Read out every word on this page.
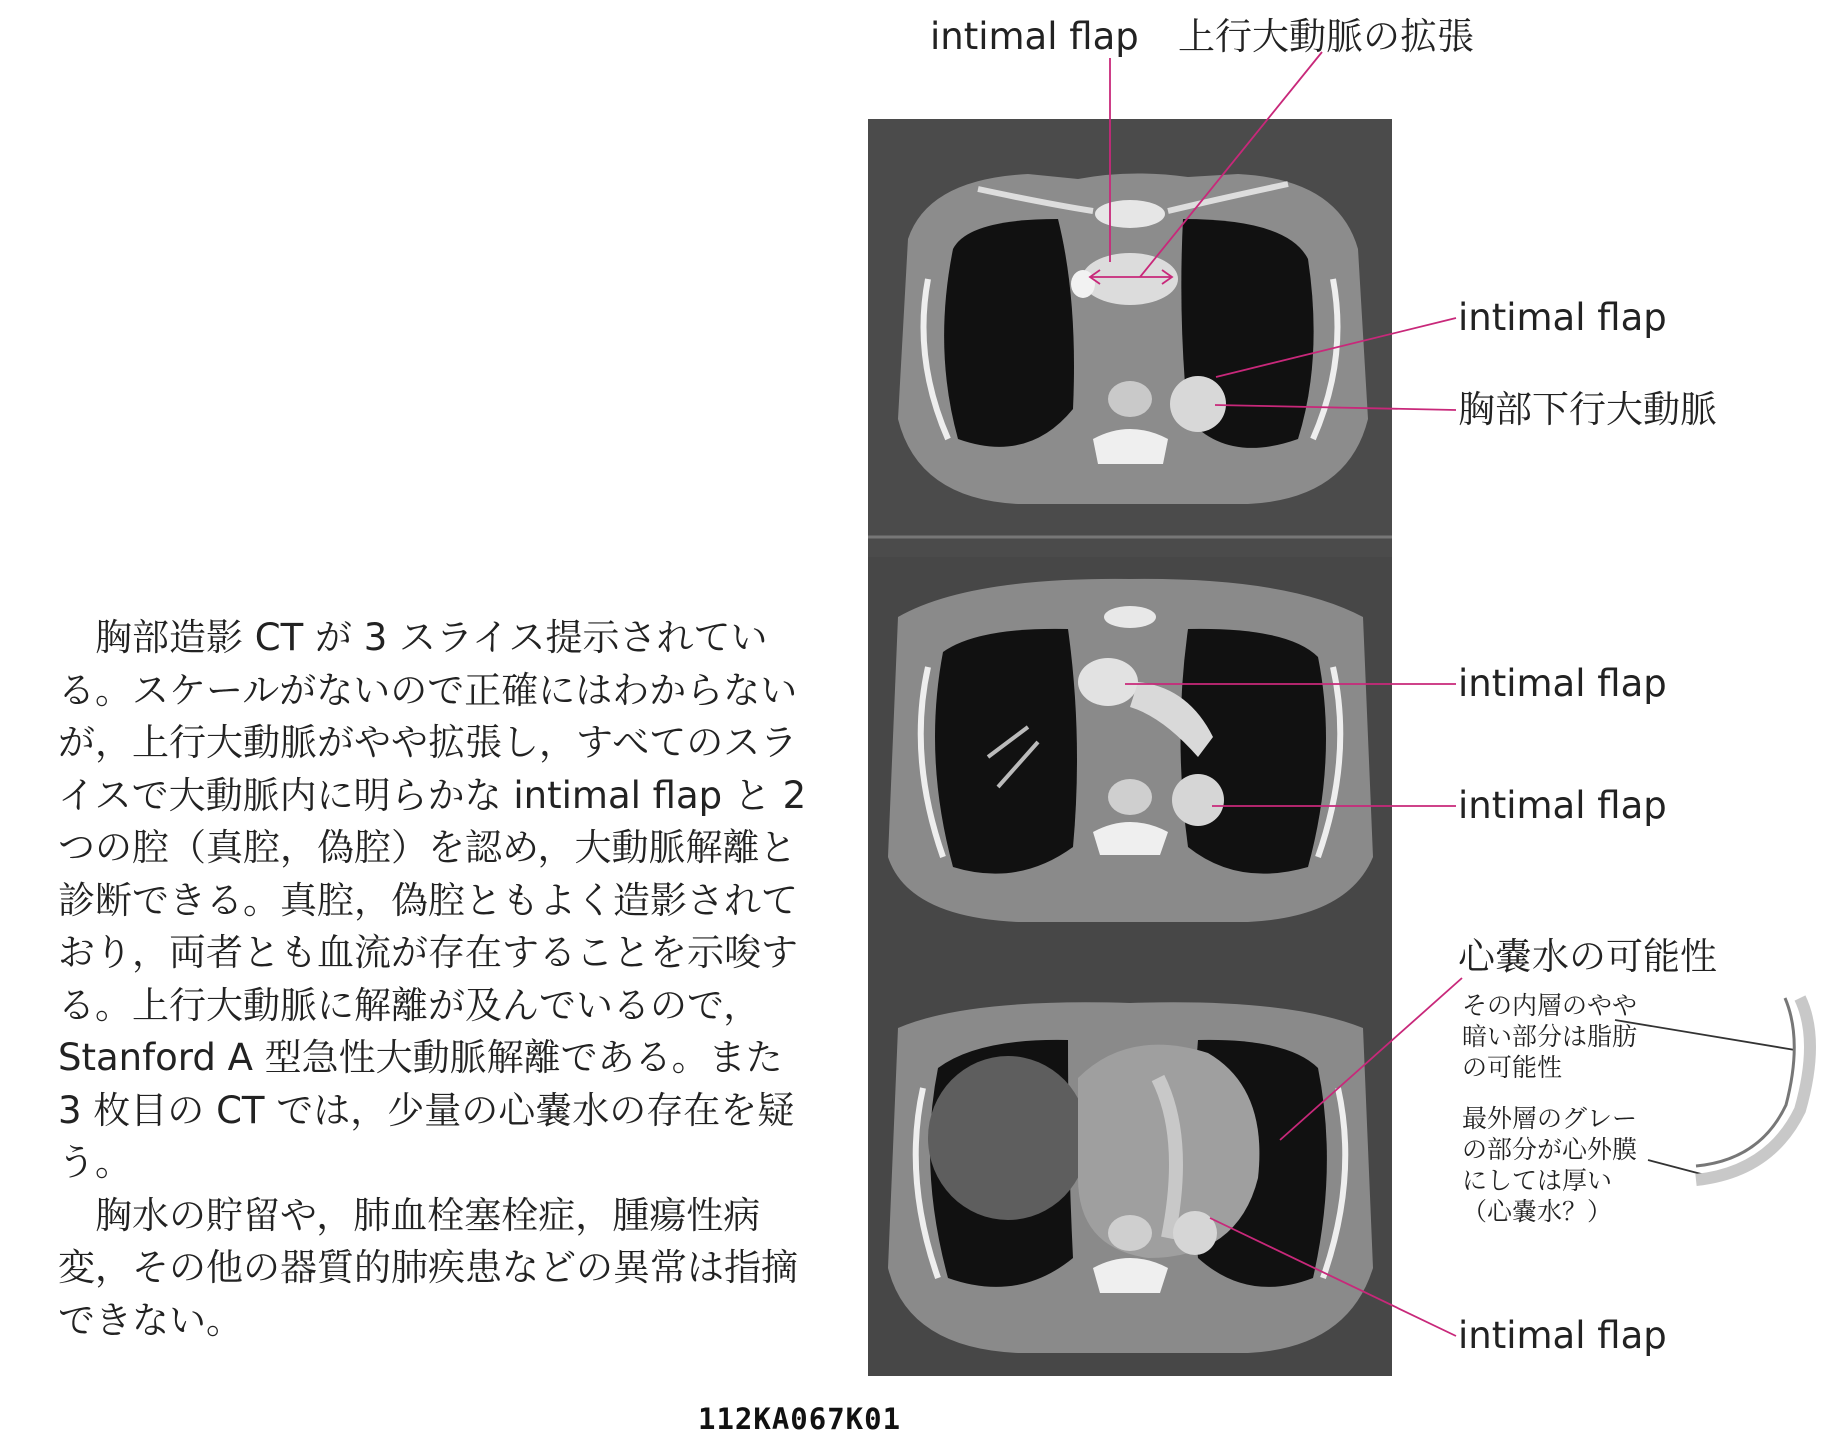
胸部造影 CT が 3 スライス提示されている。スケールがないので正確にはわからないが，上行大動脈がやや拡張し，すべてのスライスで大動脈内に明らかな intimal flap と 2 つの腔（真腔，偽腔）を認め，大動脈解離と診断できる。真腔，偽腔ともよく造影されており，両者とも血流が存在することを示唆する。上行大動脈に解離が及んでいるので，Stanford A 型急性大動脈解離である。また 3 枚目の CT では，少量の心嚢水の存在を疑う。

胸水の貯留や，肺血栓塞栓症，腫瘍性病変，その他の器質的肺疾患などの異常は指摘できない。

intimal flap 上行大動脈の拡張
intimal flap
胸部下行大動脈
intimal flap
intimal flap
心嚢水の可能性
その内層のやや
暗い部分は脂肪
の可能性
最外層のグレー
の部分が心外膜
にしては厚い
（心嚢水？）
intimal flap
112KA067K01
